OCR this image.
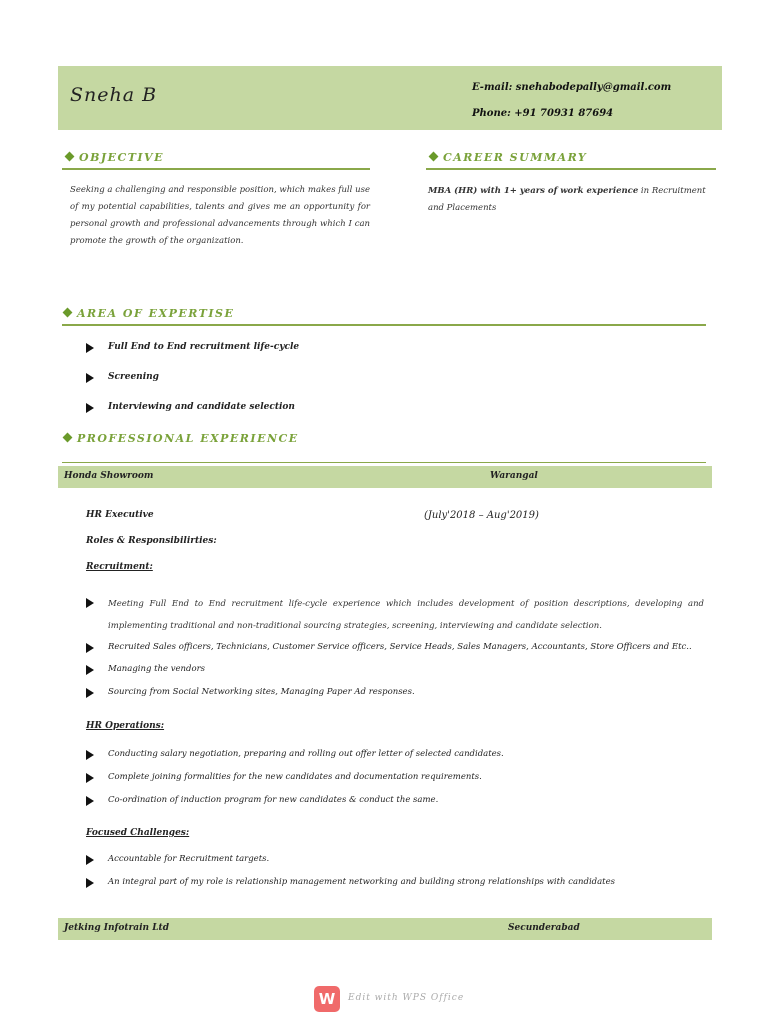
Sneha B	E-mail: snehabodepally@gmail.com
Phone: +91 70931 87694
OBJECTIVE
Seeking a challenging and responsible position, which makes full use of my potential capabilities, talents and gives me an opportunity for personal growth and professional advancements through which I can promote the growth of the organization.
CAREER SUMMARY
MBA (HR) with 1+ years of work experience in Recruitment and Placements
AREA OF EXPERTISE
Full End to End recruitment life-cycle
Screening
Interviewing and candidate selection
PROFESSIONAL EXPERIENCE
Honda Showroom	Warangal
HR Executive	(July'2018 – Aug'2019)
Roles & Responsibilirties:
Recruitment:
Meeting Full End to End recruitment life-cycle experience which includes development of position descriptions, developing and implementing traditional and non-traditional sourcing strategies, screening, interviewing and candidate selection.
Recruited Sales officers, Technicians, Customer Service officers, Service Heads, Sales Managers, Accountants, Store Officers and Etc..
Managing the vendors
Sourcing from Social Networking sites, Managing Paper Ad responses.
HR Operations:
Conducting salary negotiation, preparing and rolling out offer letter of selected candidates.
Complete joining formalities for the new candidates and documentation requirements.
Co-ordination of induction program for new candidates & conduct the same.
Focused Challenges:
Accountable for Recruitment targets.
An integral part of my role is relationship management networking and building strong relationships with candidates
Jetking Infotrain Ltd	Secunderabad
W	Edit with WPS Office
